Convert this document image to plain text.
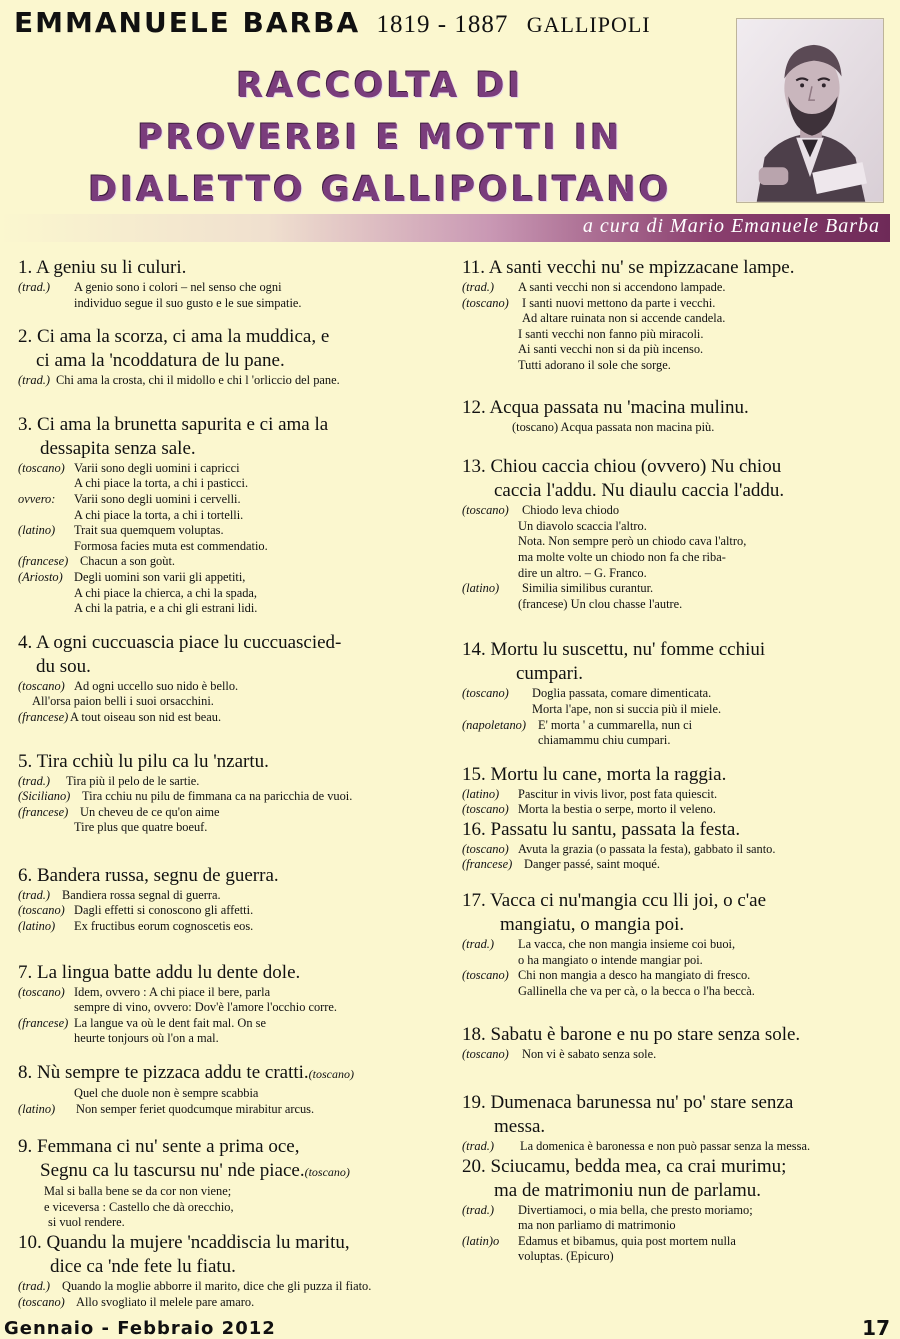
EMMANUELE BARBA 1819 - 1887 GALLIPOLI
RACCOLTA DI
PROVERBI E MOTTI IN
DIALETTO GALLIPOLITANO
a cura di Mario Emanuele Barba
1. A geniu su li culuri.
(trad.)	A genio sono i colori – nel senso che ogni
individuo segue il suo gusto e le sue simpatie.
2. Ci ama la scorza, ci ama la muddica, e
ci ama la 'ncoddatura de lu pane.
(trad.) Chi ama la crosta, chi il midollo e chi l 'orliccio del pane.
3. Ci ama la brunetta sapurita e ci ama la
dessapita senza sale.
(toscano) Varii sono degli uomini i capricci
A chi piace la torta, a chi i pasticci.
ovvero:	Varii sono degli uomini i cervelli.
A chi piace la torta, a chi i tortelli.
(latino)	Trait sua quemquem voluptas.
Formosa facies muta est commendatio.
(francese) Chacun a son goùt.
(Ariosto) Degli uomini son varii gli appetiti,
A chi piace la chierca, a chi la spada,
A chi la patria, e a chi gli estrani lidi.
4. A ogni cuccuascia piace lu cuccuascied-
du sou.
(toscano) Ad ogni uccello suo nido è bello.
All'orsa paion belli i suoi orsacchini.
(francese) A tout oiseau son nid est beau.
5. Tira cchiù lu pilu ca lu 'nzartu.
(trad.)	Tira più il pelo de le sartie.
(Siciliano) Tira cchiu nu pilu de fimmana ca na paricchia de vuoi.
(francese) Un cheveu de ce qu'on aime
Tire plus que quatre boeuf.
6. Bandera russa, segnu de guerra.
(trad.) Bandiera rossa segnal di guerra.
(toscano) Dagli effetti si conoscono gli affetti.
(latino)	Ex fructibus eorum cognoscetis eos.
7. La lingua batte addu lu dente dole.
(toscano) Idem, ovvero : A chi piace il bere, parla
sempre di vino, ovvero: Dov'è l'amore l'occhio corre.
(francese) La langue va où le dent fait mal. On se
heurte tonjours où l'on a mal.
8. Nù sempre te pizzaca addu te cratti.(toscano)
Quel che duole non è sempre scabbia
(latino)	Non semper feriet quodcumque mirabitur arcus.
9. Femmana ci nu' sente a prima oce,
Segnu ca lu tascursu nu' nde piace.(toscano)
Mal si balla bene se da cor non viene;
e viceversa : Castello che dà orecchio,
si vuol rendere.
10. Quandu la mujere 'ncaddiscia lu maritu,
dice ca 'nde fete lu fiatu.
(trad.) Quando la moglie abborre il marito, dice che gli puzza il fiato.
(toscano) Allo svogliato il melele pare amaro.
11. A santi vecchi nu' se mpizzacane lampe.
(trad.)	A santi vecchi non si accendono lampade.
(toscano)	I santi nuovi mettono da parte i vecchi.
Ad altare ruinata non si accende candela.
I santi vecchi non fanno più miracoli.
Ai santi vecchi non si da più incenso.
Tutti adorano il sole che sorge.
12. Acqua passata nu 'macina mulinu.
(toscano) Acqua passata non macina più.
13. Chiou caccia chiou (ovvero) Nu chiou
caccia l'addu. Nu diaulu caccia l'addu.
(toscano)	Chiodo leva chiodo
Un diavolo scaccia l'altro.
Nota. Non sempre però un chiodo cava l'altro,
ma molte volte un chiodo non fa che riba-
dire un altro. – G. Franco.
(latino)	Similia similibus curantur.
(francese) Un clou chasse l'autre.
14. Mortu lu suscettu, nu' fomme cchiui
cumpari.
(toscano)	Doglia passata, comare dimenticata.
Morta l'ape, non si succia più il miele.
(napoletano) E' morta ' a cummarella, nun ci
chiamammu chiu cumpari.
15. Mortu lu cane, morta la raggia.
(latino)	Pascitur in vivis livor, post fata quiescit.
(toscano) Morta la bestia o serpe, morto il veleno.
16. Passatu lu santu, passata la festa.
(toscano) Avuta la grazia (o passata la festa), gabbato il santo.
(francese) Danger passé, saint moqué.
17. Vacca ci nu'mangia ccu lli joi, o c'ae
mangiatu, o mangia poi.
(trad.)	La vacca, che non mangia insieme coi buoi,
o ha mangiato o intende mangiar poi.
(toscano) Chi non mangia a desco ha mangiato di fresco.
Gallinella che va per cà, o la becca o l'ha beccà.
18. Sabatu è barone e nu po stare senza sole.
(toscano)	Non vi è sabato senza sole.
19. Dumenaca barunessa nu' po' stare senza
messa.
(trad.)	La domenica è baronessa e non può passar senza la messa.
20. Sciucamu, bedda mea, ca crai murimu;
ma de matrimoniu nun de parlamu.
(trad.)	Divertiamoci, o mia bella, che presto moriamo;
ma non parliamo di matrimonio
(latin)o	Edamus et bibamus, quia post mortem nulla
voluptas. (Epicuro)
Gennaio - Febbraio 2012	17
